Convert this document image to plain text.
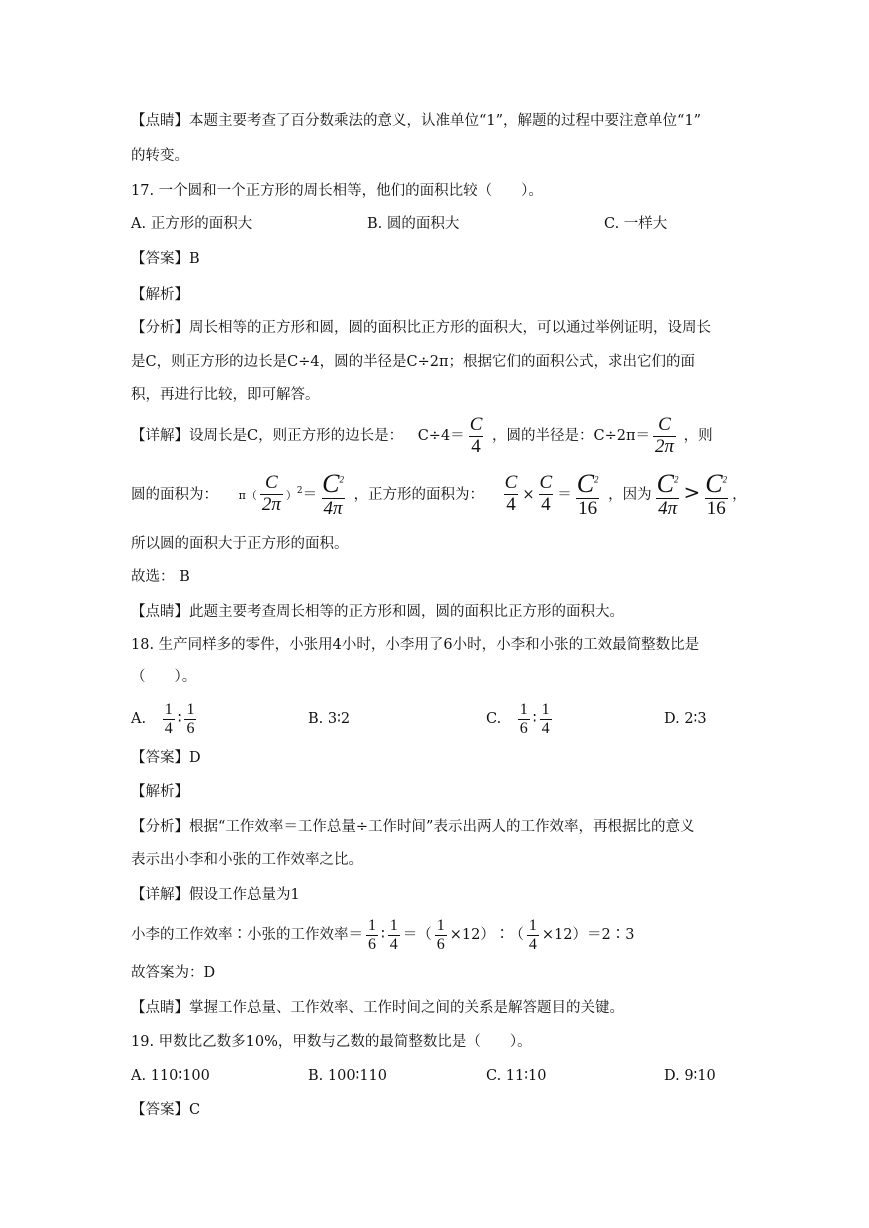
【点睛】本题主要考查了百分数乘法的意义，认准单位“1”，解题的过程中要注意单位“1”
的转变。
17. 一个圆和一个正方形的周长相等，他们的面积比较（　　）。
A. 正方形的面积大	B. 圆的面积大	C. 一样大
【答案】B
【解析】
【分析】周长相等的正方形和圆，圆的面积比正方形的面积大，可以通过举例证明，设周长
是C，则正方形的边长是C÷4，圆的半径是C÷2π；根据它们的面积公式，求出它们的面
积，再进行比较，即可解答。
【详解】设周长是C，则正方形的边长是： $C\div 4= \frac{C}{4}$ ，圆的半径是：$C\div 2\pi= \frac{C}{2\pi}$ ，则
圆的面积为： $\pi( \frac{C}{2\pi} )^2= \frac{C^2}{4\pi}$ ，正方形的面积为： $\frac{C}{4} \times \frac{C}{4} = \frac{C^2}{16}$ ，因为 $\frac{C^2}{4\pi} > \frac{C^2}{16}$ ，
所以圆的面积大于正方形的面积。
故选： B
【点睛】此题主要考查周长相等的正方形和圆，圆的面积比正方形的面积大。
18. 生产同样多的零件，小张用4小时，小李用了6小时，小李和小张的工效最简整数比是
（　　）。
A. $\frac{1}{4}$ ∶ $\frac{1}{6}$	B. 3∶2	C. $\frac{1}{6}$ ∶ $\frac{1}{4}$	D. 2∶3
【答案】D
【解析】
【分析】根据“工作效率＝工作总量÷工作时间”表示出两人的工作效率，再根据比的意义
表示出小李和小张的工作效率之比。
【详解】假设工作总量为1
小李的工作效率∶小张的工作效率＝ $\frac{1}{6}$ ∶ $\frac{1}{4}$ ＝（ $\frac{1}{6}$ ×12）∶（ $\frac{1}{4}$ ×12）＝2∶3
故答案为：D
【点睛】掌握工作总量、工作效率、工作时间之间的关系是解答题目的关键。
19. 甲数比乙数多10%，甲数与乙数的最简整数比是（　　）。
A. 110∶100	B. 100∶110	C. 11∶10	D. 9∶10
【答案】C
